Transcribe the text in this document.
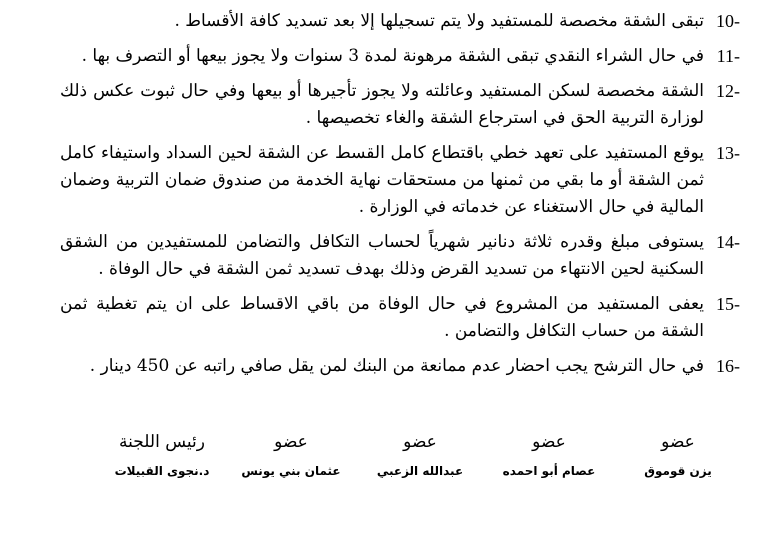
10-
تبقى الشقة مخصصة للمستفيد ولا يتم تسجيلها إلا بعد تسديد كافة الأقساط .
11-
في حال الشراء النقدي تبقى الشقة مرهونة لمدة 3 سنوات ولا يجوز بيعها أو التصرف بها .
12-
الشقة مخصصة لسكن المستفيد وعائلته ولا يجوز تأجيرها أو بيعها وفي حال ثبوت عكس ذلك لوزارة التربية الحق في استرجاع الشقة والغاء تخصيصها .
13-
يوقع المستفيد على تعهد خطي باقتطاع كامل القسط عن الشقة لحين السداد واستيفاء كامل ثمن الشقة أو ما بقي من ثمنها من مستحقات نهاية الخدمة من صندوق ضمان التربية وضمان المالية في حال الاستغناء عن خدماته في الوزارة .
14-
يستوفى مبلغ وقدره ثلاثة دنانير شهرياً لحساب التكافل والتضامن للمستفيدين من الشقق السكنية لحين الانتهاء من تسديد القرض وذلك بهدف تسديد ثمن الشقة في حال الوفاة .
15-
يعفى المستفيد من المشروع في حال الوفاة من باقي الاقساط على ان يتم تغطية ثمن الشقة من حساب التكافل والتضامن .
16-
في حال الترشح يجب احضار عدم ممانعة من البنك لمن يقل صافي راتبه عن 450 دينار .
عضو
يزن قوموق
عضو
عصام أبو احمده
عضو
عبدالله الزعبي
عضو
عثمان بني يونس
رئيس اللجنة
د.نجوى القبيلات
